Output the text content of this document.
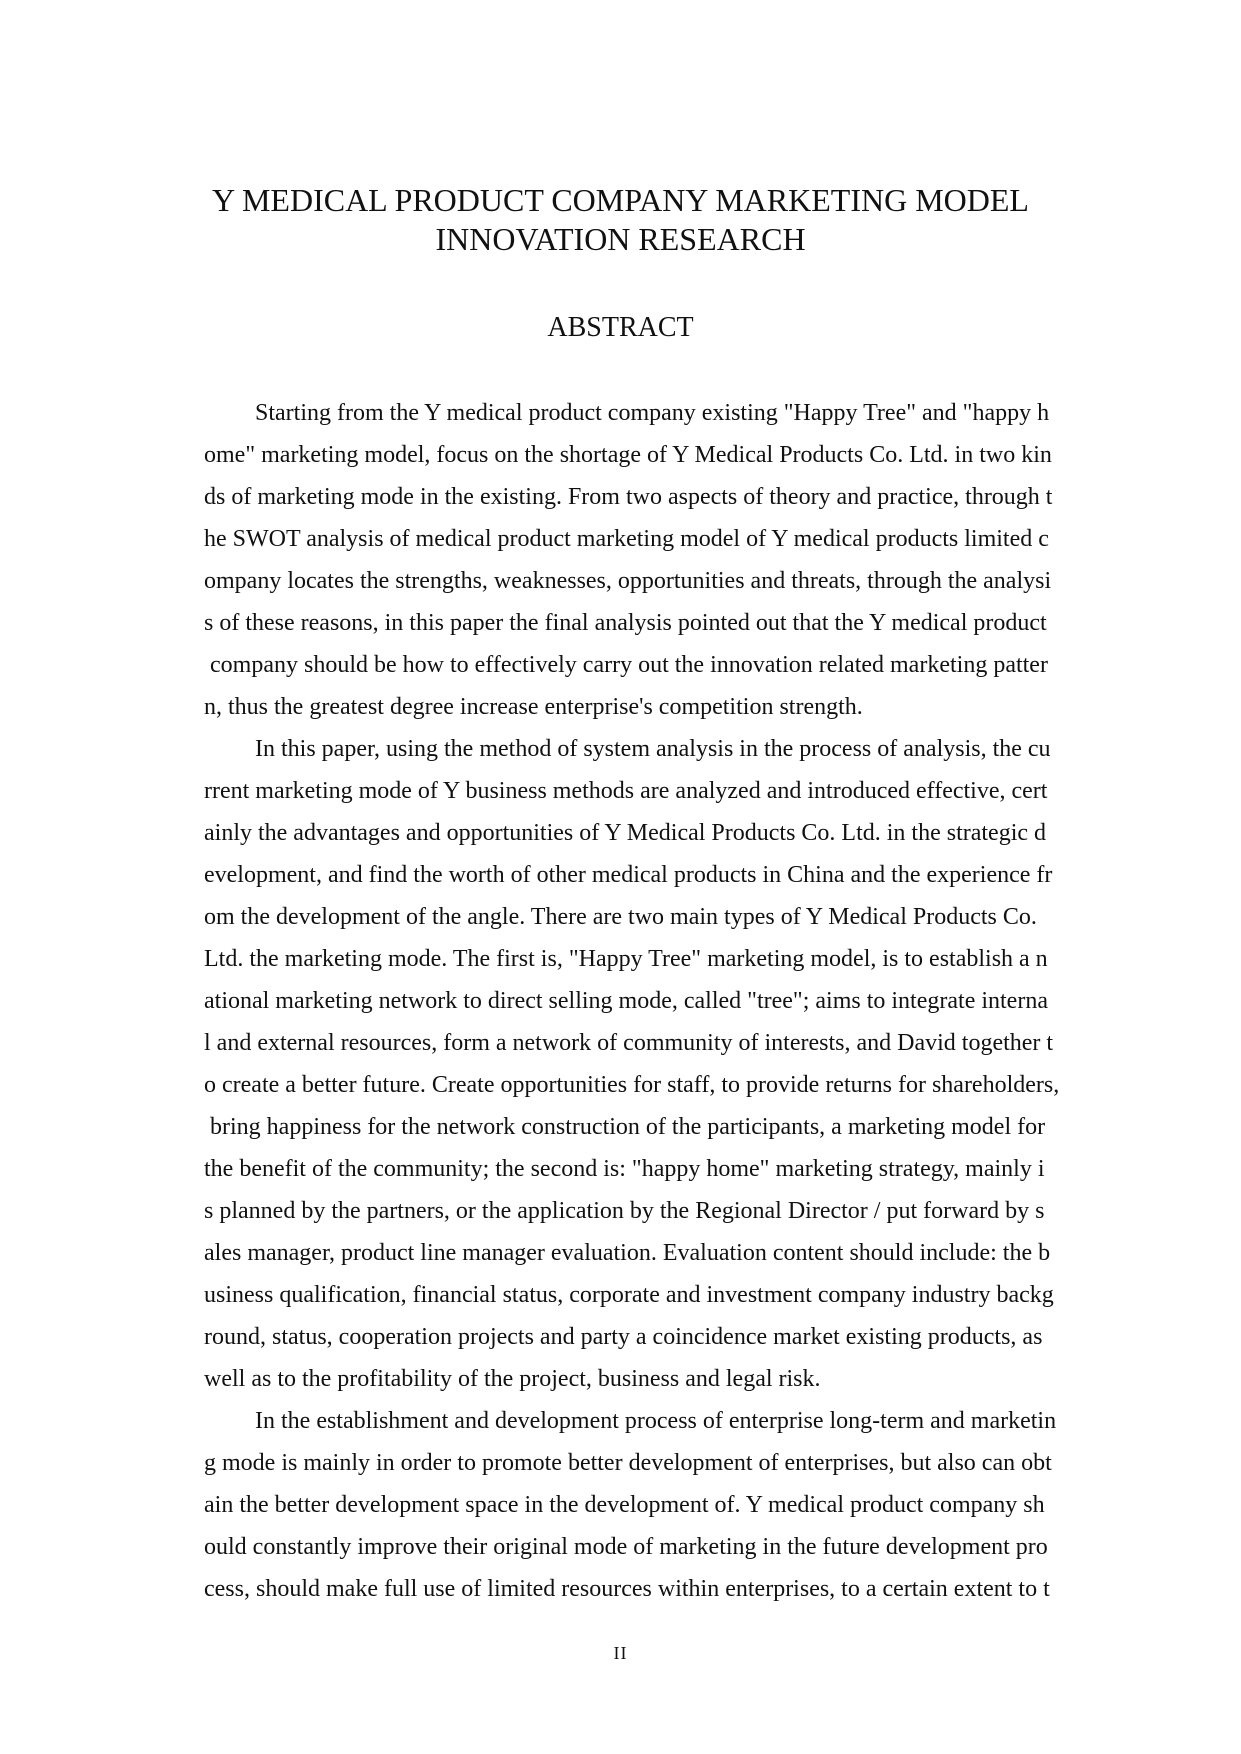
Y MEDICAL PRODUCT COMPANY MARKETING MODEL
INNOVATION RESEARCH
ABSTRACT
Starting from the Y medical product company existing "Happy Tree" and "happy h
ome" marketing model, focus on the shortage of Y Medical Products Co. Ltd. in two kin
ds of marketing mode in the existing. From two aspects of theory and practice, through t
he SWOT analysis of medical product marketing model of Y medical products limited c
ompany locates the strengths, weaknesses, opportunities and threats, through the analysi
s of these reasons, in this paper the final analysis pointed out that the Y medical product
company should be how to effectively carry out the innovation related marketing patter
n, thus the greatest degree increase enterprise's competition strength.
In this paper, using the method of system analysis in the process of analysis, the cu
rrent marketing mode of Y business methods are analyzed and introduced effective, cert
ainly the advantages and opportunities of Y Medical Products Co. Ltd. in the strategic d
evelopment, and find the worth of other medical products in China and the experience fr
om the development of the angle. There are two main types of Y Medical Products Co.
Ltd. the marketing mode. The first is, "Happy Tree" marketing model, is to establish a n
ational marketing network to direct selling mode, called "tree"; aims to integrate interna
l and external resources, form a network of community of interests, and David together t
o create a better future. Create opportunities for staff, to provide returns for shareholders,
bring happiness for the network construction of the participants, a marketing model for
the benefit of the community; the second is: "happy home" marketing strategy, mainly i
s planned by the partners, or the application by the Regional Director / put forward by s
ales manager, product line manager evaluation. Evaluation content should include: the b
usiness qualification, financial status, corporate and investment company industry backg
round, status, cooperation projects and party a coincidence market existing products, as
well as to the profitability of the project, business and legal risk.
In the establishment and development process of enterprise long-term and marketin
g mode is mainly in order to promote better development of enterprises, but also can obt
ain the better development space in the development of. Y medical product company sh
ould constantly improve their original mode of marketing in the future development pro
cess, should make full use of limited resources within enterprises, to a certain extent to t
II
